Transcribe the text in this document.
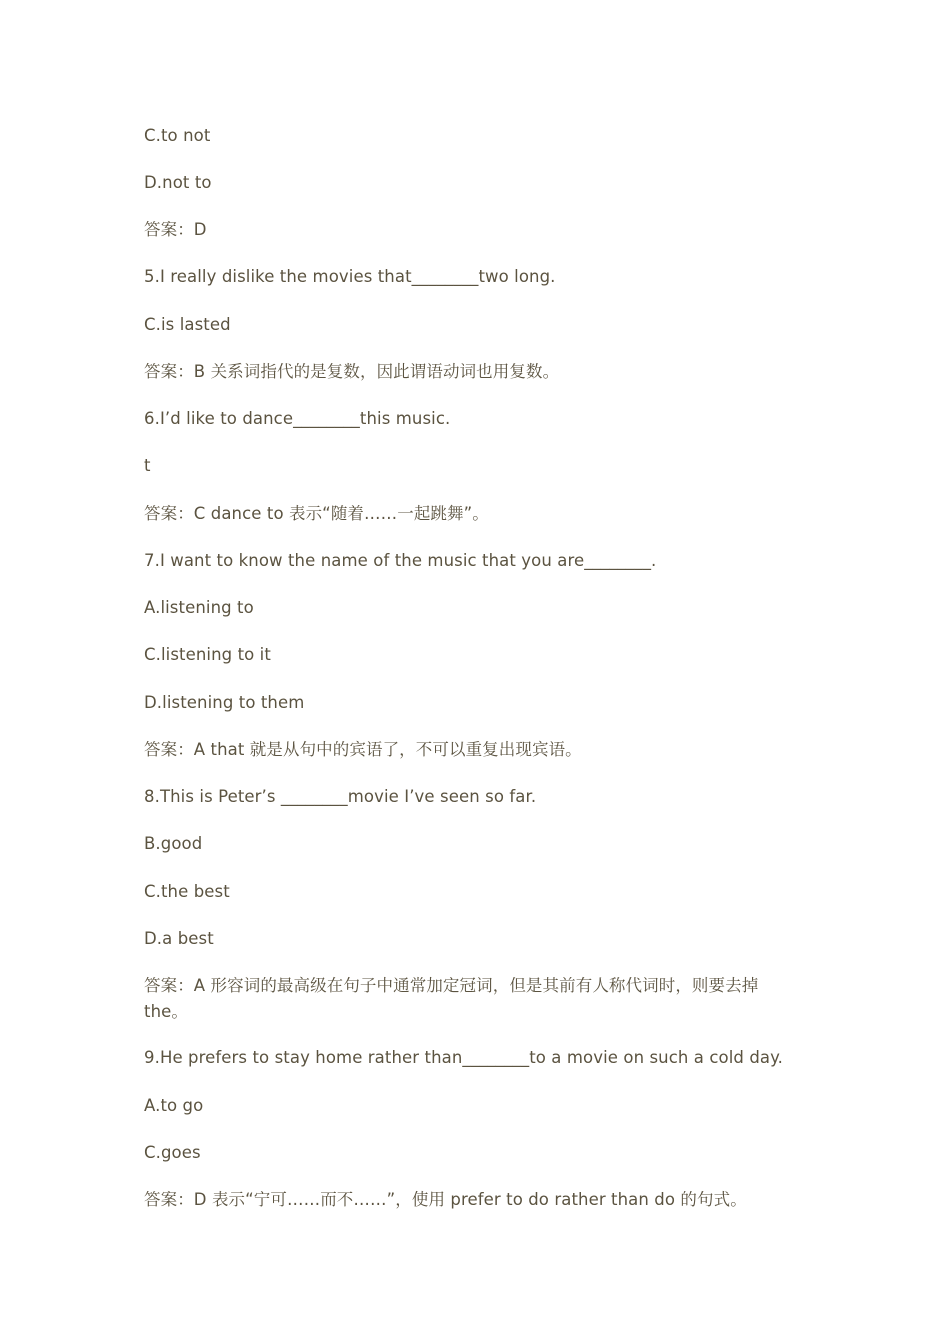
C.to not
D.not to
答案：D
5.I really dislike the movies that________two long.
C.is lasted
答案：B 关系词指代的是复数，因此谓语动词也用复数。
6.I’d like to dance________this music.
t
答案：C dance to 表示“随着……一起跳舞”。
7.I want to know the name of the music that you are________.
A.listening to
C.listening to it
D.listening to them
答案：A that 就是从句中的宾语了，不可以重复出现宾语。
8.This is Peter’s ________movie I’ve seen so far.
B.good
C.the best
D.a best
答案：A 形容词的最高级在句子中通常加定冠词，但是其前有人称代词时，则要去掉the。
9.He prefers to stay home rather than________to a movie on such a cold day.
A.to go
C.goes
答案：D 表示“宁可……而不……”，使用 prefer to do rather than do 的句式。
